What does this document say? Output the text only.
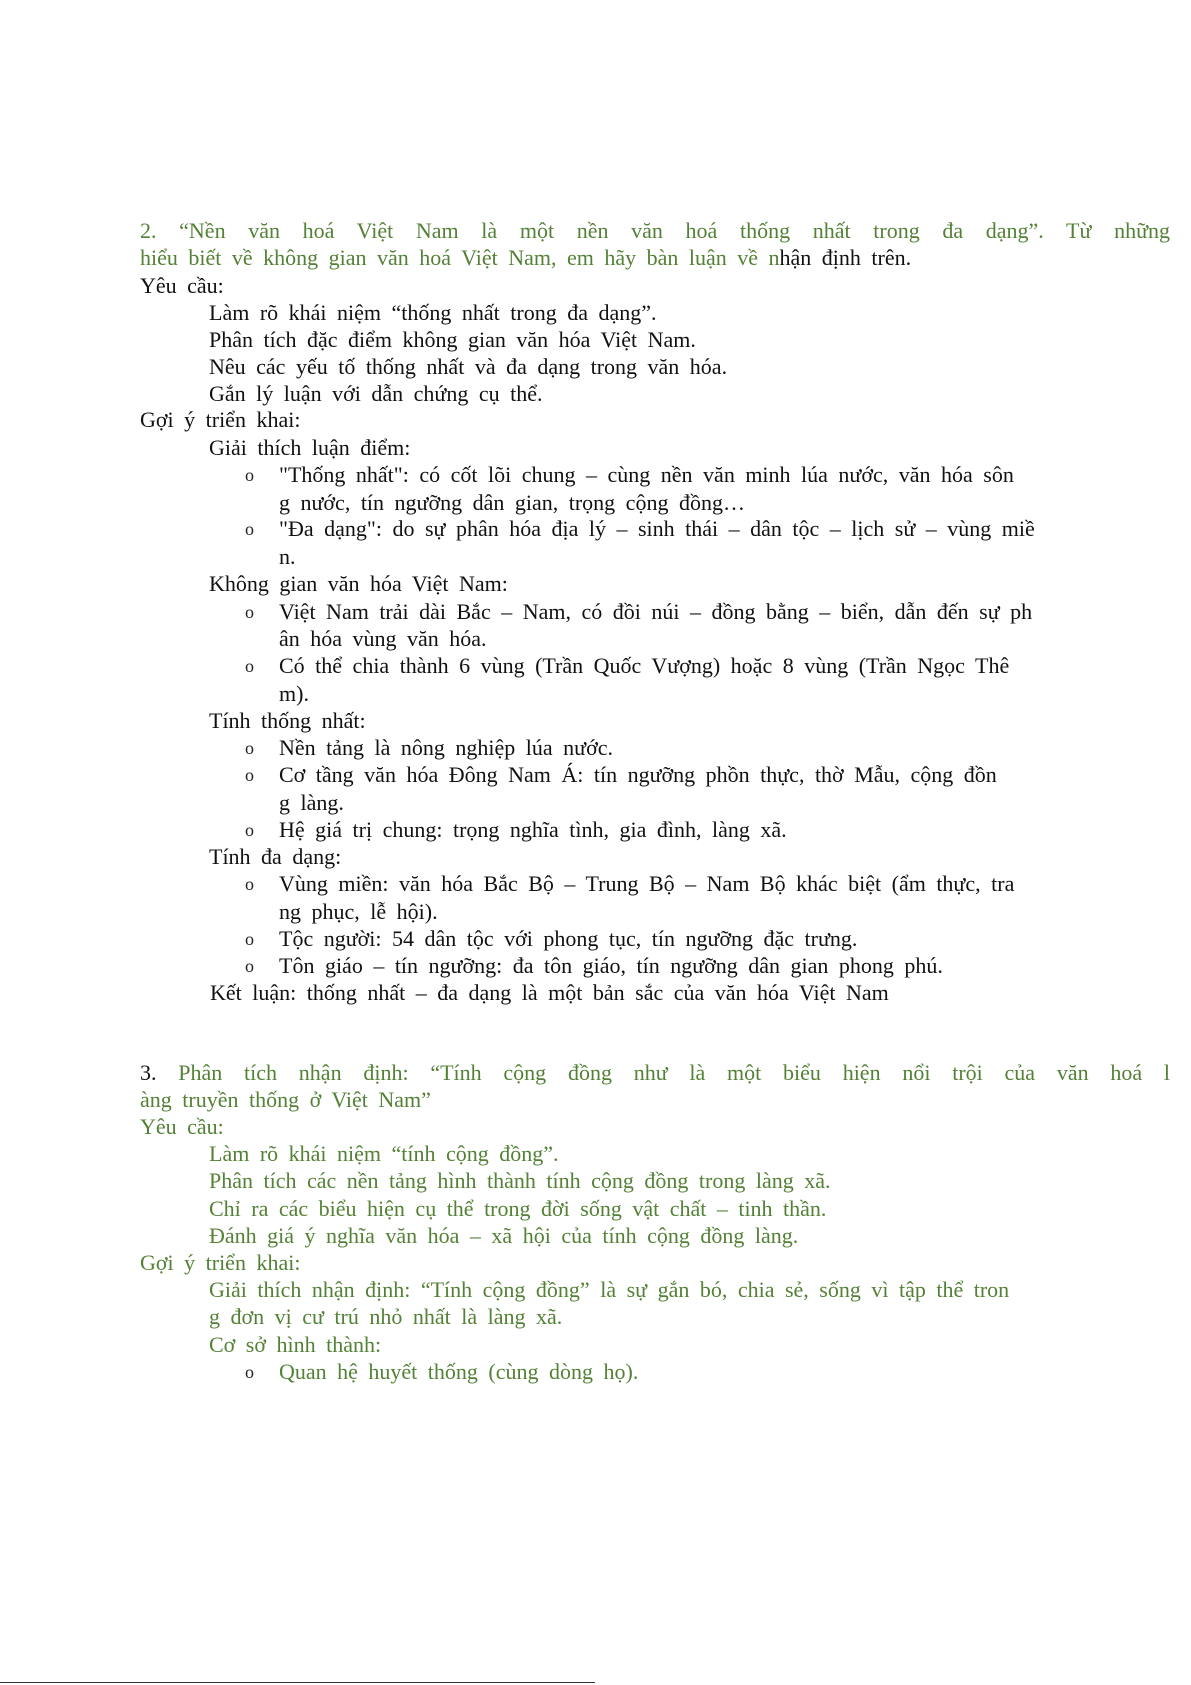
2. “Nền văn hoá Việt Nam là một nền văn hoá thống nhất trong đa dạng”. Từ những
hiểu biết về không gian văn hoá Việt Nam, em hãy bàn luận về nhận định trên.
Yêu cầu:
Làm rõ khái niệm “thống nhất trong đa dạng”.
Phân tích đặc điểm không gian văn hóa Việt Nam.
Nêu các yếu tố thống nhất và đa dạng trong văn hóa.
Gắn lý luận với dẫn chứng cụ thể.
Gợi ý triển khai:
Giải thích luận điểm:
o "Thống nhất": có cốt lõi chung – cùng nền văn minh lúa nước, văn hóa sôn
g nước, tín ngưỡng dân gian, trọng cộng đồng…
o "Đa dạng": do sự phân hóa địa lý – sinh thái – dân tộc – lịch sử – vùng miề
n.
Không gian văn hóa Việt Nam:
o Việt Nam trải dài Bắc – Nam, có đồi núi – đồng bằng – biển, dẫn đến sự ph
ân hóa vùng văn hóa.
o Có thể chia thành 6 vùng (Trần Quốc Vượng) hoặc 8 vùng (Trần Ngọc Thê
m).
Tính thống nhất:
o Nền tảng là nông nghiệp lúa nước.
o Cơ tầng văn hóa Đông Nam Á: tín ngưỡng phồn thực, thờ Mẫu, cộng đồn
g làng.
o Hệ giá trị chung: trọng nghĩa tình, gia đình, làng xã.
Tính đa dạng:
o Vùng miền: văn hóa Bắc Bộ – Trung Bộ – Nam Bộ khác biệt (ẩm thực, tra
ng phục, lễ hội).
o Tộc người: 54 dân tộc với phong tục, tín ngưỡng đặc trưng.
o Tôn giáo – tín ngưỡng: đa tôn giáo, tín ngưỡng dân gian phong phú.
Kết luận: thống nhất – đa dạng là một bản sắc của văn hóa Việt Nam
3. Phân tích nhận định: “Tính cộng đồng như là một biểu hiện nổi trội của văn hoá l
àng truyền thống ở Việt Nam”
Yêu cầu:
Làm rõ khái niệm “tính cộng đồng”.
Phân tích các nền tảng hình thành tính cộng đồng trong làng xã.
Chỉ ra các biểu hiện cụ thể trong đời sống vật chất – tinh thần.
Đánh giá ý nghĩa văn hóa – xã hội của tính cộng đồng làng.
Gợi ý triển khai:
Giải thích nhận định: “Tính cộng đồng” là sự gắn bó, chia sẻ, sống vì tập thể tron
g đơn vị cư trú nhỏ nhất là làng xã.
Cơ sở hình thành:
o Quan hệ huyết thống (cùng dòng họ).
